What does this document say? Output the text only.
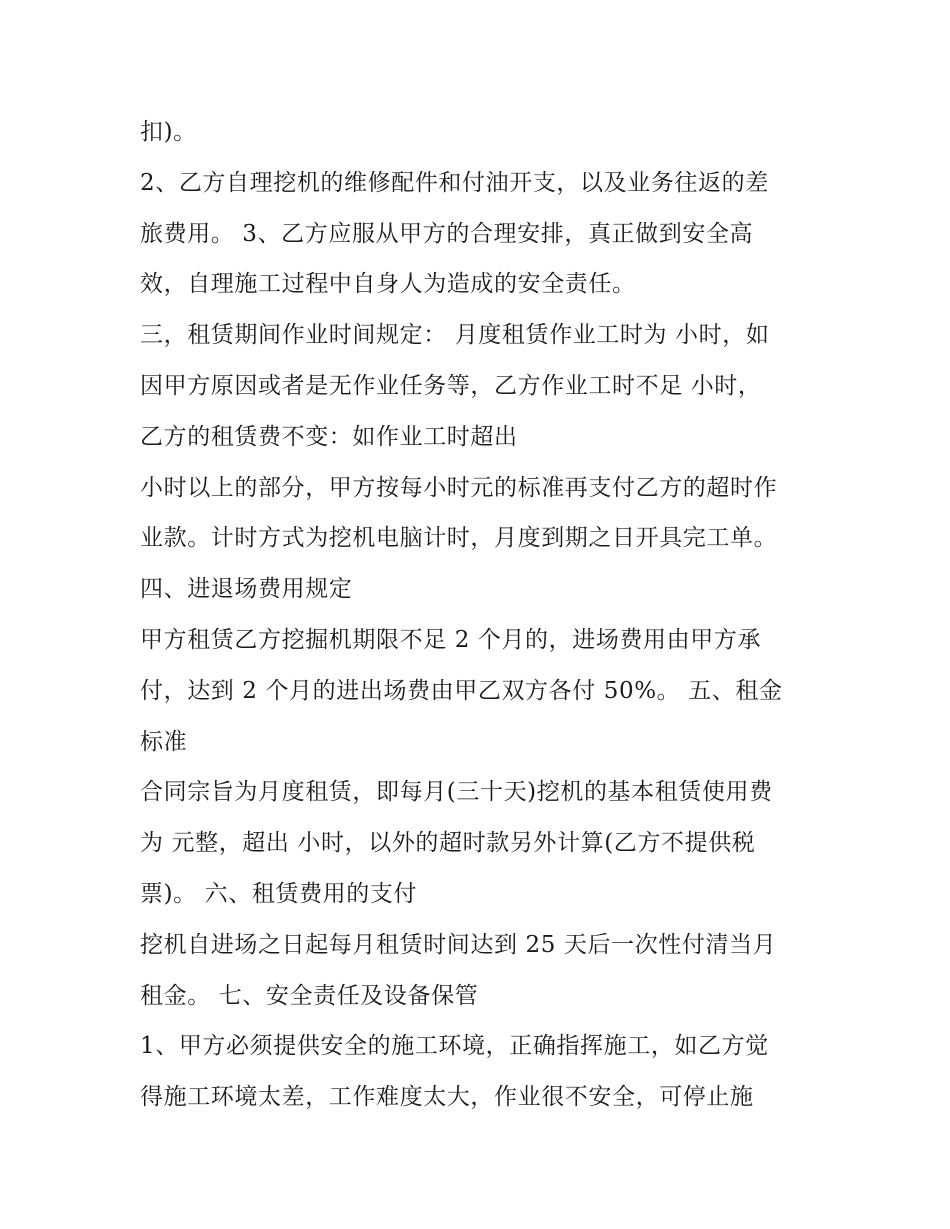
扣)。
2、乙方自理挖机的维修配件和付油开支，以及业务往返的差
旅费用。 3、乙方应服从甲方的合理安排，真正做到安全高
效，自理施工过程中自身人为造成的安全责任。
三，租赁期间作业时间规定： 月度租赁作业工时为 小时，如
因甲方原因或者是无作业任务等，乙方作业工时不足 小时，
乙方的租赁费不变：如作业工时超出
小时以上的部分，甲方按每小时元的标准再支付乙方的超时作
业款。计时方式为挖机电脑计时，月度到期之日开具完工单。
四、进退场费用规定
甲方租赁乙方挖掘机期限不足 2 个月的，进场费用由甲方承
付，达到 2 个月的进出场费由甲乙双方各付 50%。 五、租金
标准
合同宗旨为月度租赁，即每月(三十天)挖机的基本租赁使用费
为 元整，超出 小时，以外的超时款另外计算(乙方不提供税
票)。 六、租赁费用的支付
挖机自进场之日起每月租赁时间达到 25 天后一次性付清当月
租金。 七、安全责任及设备保管
1、甲方必须提供安全的施工环境，正确指挥施工，如乙方觉
得施工环境太差，工作难度太大，作业很不安全，可停止施
